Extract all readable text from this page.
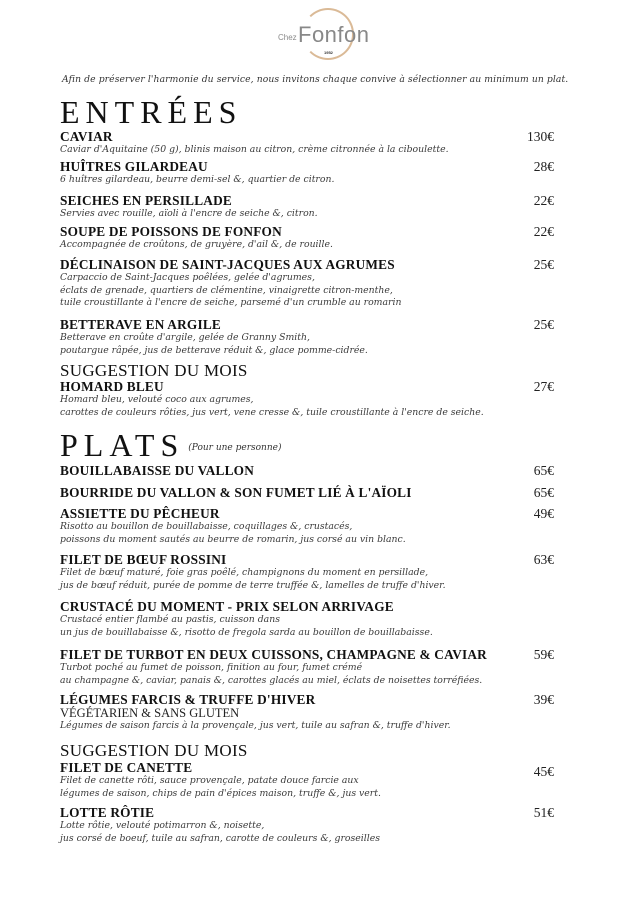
Chez Fonfon
1952
Afin de préserver l'harmonie du service, nous invitons chaque convive à sélectionner au minimum un plat.
ENTRÉES
CAVIAR
Caviar d'Aquitaine (50 g), blinis maison au citron, crème citronnée à la ciboulette.
130€
HUÎTRES GILARDEAU
6 huîtres gilardeau, beurre demi-sel &, quartier de citron.
28€
SEICHES EN PERSILLADE
Servies avec rouille, aïoli à l'encre de seiche &, citron.
22€
SOUPE DE POISSONS DE FONFON
Accompagnée de croûtons, de gruyère, d'ail &, de rouille.
22€
DÉCLINAISON DE SAINT-JACQUES AUX AGRUMES
Carpaccio de Saint-Jacques poêlées, gelée d'agrumes,
éclats de grenade, quartiers de clémentine, vinaigrette citron-menthe,
tuile croustillante à l'encre de seiche, parsemé d'un crumble au romarin
25€
BETTERAVE EN ARGILE
Betterave en croûte d'argile, gelée de Granny Smith,
poutargue râpée, jus de betterave réduit &, glace pomme-cidrée.
25€
SUGGESTION DU MOIS
HOMARD BLEU
Homard bleu, velouté coco aux agrumes,
carottes de couleurs rôties, jus vert, vene cresse &, tuile croustillante à l'encre de seiche.
27€
PLATS (Pour une personne)
BOUILLABAISSE DU VALLON	65€
BOURRIDE DU VALLON & SON FUMET LIÉ À L'AÏOLI	65€
ASSIETTE DU PÊCHEUR
Risotto au bouillon de bouillabaisse, coquillages &, crustacés,
poissons du moment sautés au beurre de romarin, jus corsé au vin blanc.
49€
FILET DE BŒUF ROSSINI
Filet de bœuf maturé, foie gras poêlé, champignons du moment en persillade,
jus de bœuf réduit, purée de pomme de terre truffée &, lamelles de truffe d'hiver.
63€
CRUSTACÉ DU MOMENT - PRIX SELON ARRIVAGE
Crustacé entier flambé au pastis, cuisson dans
un jus de bouillabaisse &, risotto de fregola sarda au bouillon de bouillabaisse.
FILET DE TURBOT EN DEUX CUISSONS, CHAMPAGNE & CAVIAR
Turbot poché au fumet de poisson, finition au four, fumet crémé
au champagne &, caviar, panais &, carottes glacés au miel, éclats de noisettes torréfiées.
59€
LÉGUMES FARCIS & TRUFFE D'HIVER
VÉGÉTARIEN & SANS GLUTEN
Légumes de saison farcis à la provençale, jus vert, tuile au safran &, truffe d'hiver.
39€
SUGGESTION DU MOIS
FILET DE CANETTE
Filet de canette rôti, sauce provençale, patate douce farcie aux
légumes de saison, chips de pain d'épices maison, truffe &, jus vert.
45€
LOTTE RÔTIE
Lotte rôtie, velouté potimarron &, noisette,
jus corsé de boeuf, tuile au safran, carotte de couleurs &, groseilles
51€
